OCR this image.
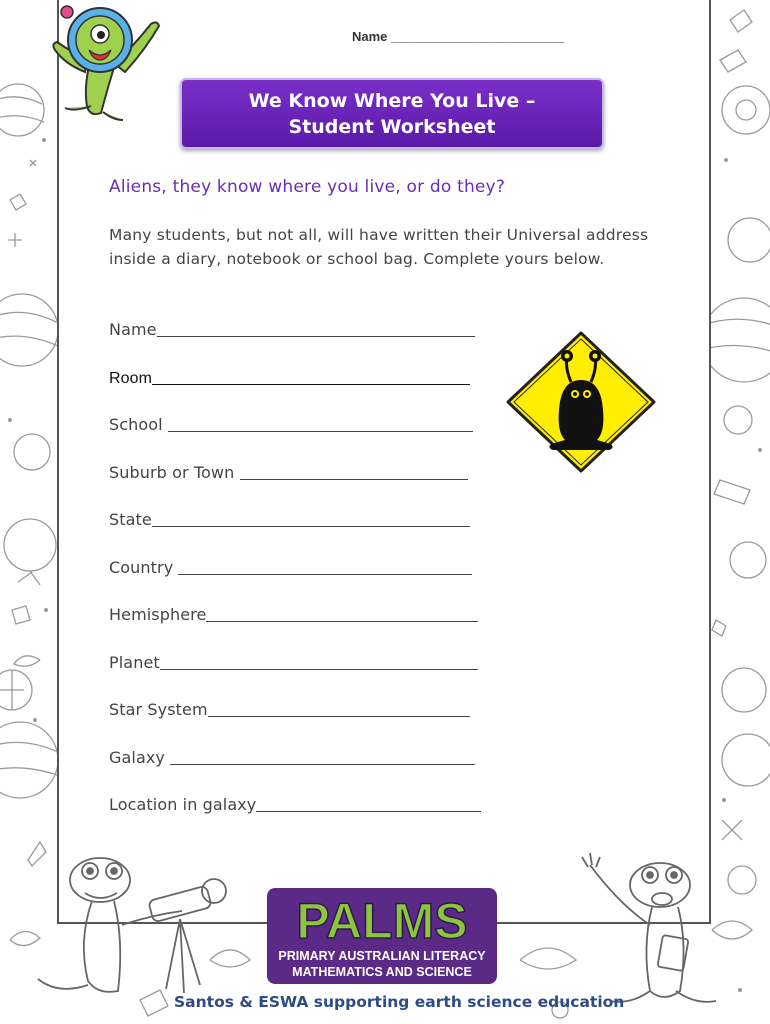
Name ________________________
We Know Where You Live –
Student Worksheet
Aliens, they know where you live, or do they?
Many students, but not all, will have written their Universal address inside a diary, notebook or school bag. Complete yours below.
Name
Room
School
Suburb or Town
State
Country
Hemisphere
Planet
Star System
Galaxy
Location in galaxy
PALMS
PRIMARY AUSTRALIAN LITERACY
MATHEMATICS AND SCIENCE
Santos & ESWA supporting earth science education
